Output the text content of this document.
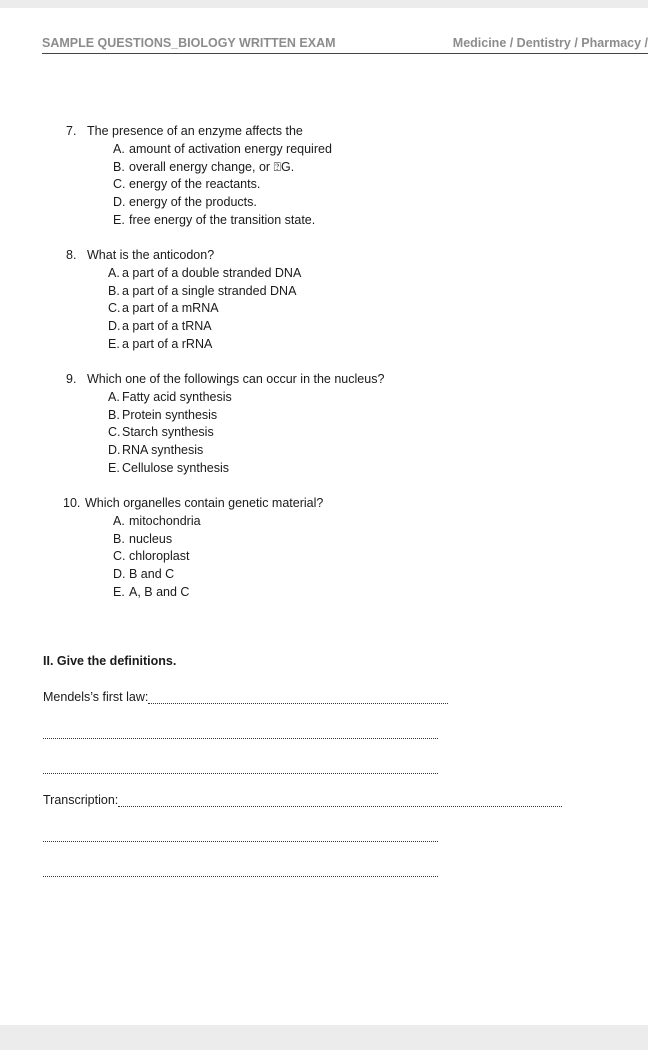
SAMPLE QUESTIONS_BIOLOGY WRITTEN EXAM	Medicine / Dentistry / Pharmacy /
7. The presence of an enzyme affects the
A. amount of activation energy required
B. overall energy change, or ⍰G.
C. energy of the reactants.
D. energy of the products.
E. free energy of the transition state.
8. What is the anticodon?
A. a part of a double stranded DNA
B. a part of a single stranded DNA
C. a part of a mRNA
D. a part of a tRNA
E. a part of a rRNA
9. Which one of the followings can occur in the nucleus?
A. Fatty acid synthesis
B. Protein synthesis
C. Starch synthesis
D. RNA synthesis
E. Cellulose synthesis
10. Which organelles contain genetic material?
A. mitochondria
B. nucleus
C. chloroplast
D. B and C
E. A, B and C
II. Give the definitions.
Mendels’s first law:
Transcription:
